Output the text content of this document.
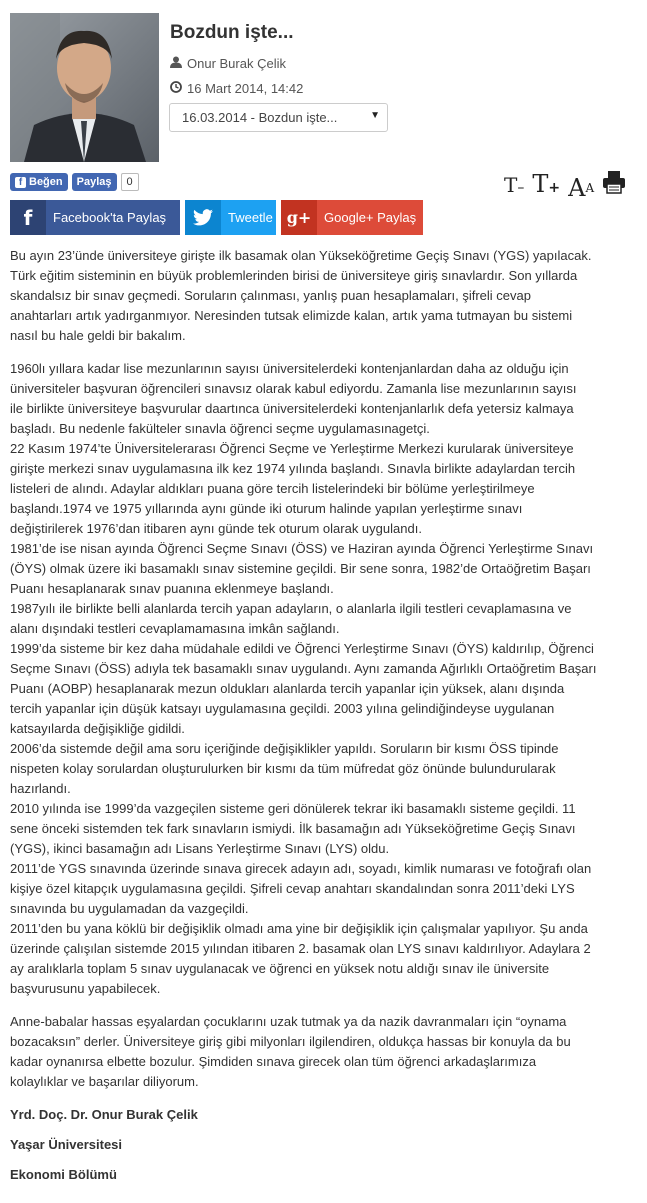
Bozdun işte...
Onur Burak Çelik
16 Mart 2014, 14:42
16.03.2014 - Bozdun işte...	▼
f Beğen Paylaş	0	T– $T+ A^A$
f	Facebook'ta Paylaş	Tweetle g+ Google+ Paylaş

Bu ayın 23’ünde üniversiteye girişte ilk basamak olan Yükseköğretime Geçiş Sınavı (YGS) yapılacak.
Türk eğitim sisteminin en büyük problemlerinden birisi de üniversiteye giriş sınavlardır. Son yıllarda
skandalsız bir sınav geçmedi. Soruların çalınması, yanlış puan hesaplamaları, şifreli cevap
anahtarları artık yadırganmıyor. Neresinden tutsak elimizde kalan, artık yama tutmayan bu sistemi
nasıl bu hale geldi bir bakalım.

1960lı yıllara kadar lise mezunlarının sayısı üniversitelerdeki kontenjanlardan daha az olduğu için
üniversiteler başvuran öğrencileri sınavsız olarak kabul ediyordu. Zamanla lise mezunlarının sayısı
ile birlikte üniversiteye başvurular daartınca üniversitelerdeki kontenjanlarlık defa yetersiz kalmaya
başladı. Bu nedenle fakülteler sınavla öğrenci seçme uygulamasınagetçi.
22 Kasım 1974’te Üniversitelerarası Öğrenci Seçme ve Yerleştirme Merkezi kurularak üniversiteye
girişte merkezi sınav uygulamasına ilk kez 1974 yılında başlandı. Sınavla birlikte adaylardan tercih
listeleri de alındı. Adaylar aldıkları puana göre tercih listelerindeki bir bölüme yerleştirilmeye
başlandı.1974 ve 1975 yıllarında aynı günde iki oturum halinde yapılan yerleştirme sınavı
değiştirilerek 1976’dan itibaren aynı günde tek oturum olarak uygulandı.
1981’de ise nisan ayında Öğrenci Seçme Sınavı (ÖSS) ve Haziran ayında Öğrenci Yerleştirme Sınavı
(ÖYS) olmak üzere iki basamaklı sınav sistemine geçildi. Bir sene sonra, 1982’de Ortaöğretim Başarı
Puanı hesaplanarak sınav puanına eklenmeye başlandı.
1987yılı ile birlikte belli alanlarda tercih yapan adayların, o alanlarla ilgili testleri cevaplamasına ve
alanı dışındaki testleri cevaplamamasına imkân sağlandı.
1999’da sisteme bir kez daha müdahale edildi ve Öğrenci Yerleştirme Sınavı (ÖYS) kaldırılıp, Öğrenci
Seçme Sınavı (ÖSS) adıyla tek basamaklı sınav uygulandı. Aynı zamanda Ağırlıklı Ortaöğretim Başarı
Puanı (AOBP) hesaplanarak mezun oldukları alanlarda tercih yapanlar için yüksek, alanı dışında
tercih yapanlar için düşük katsayı uygulamasına geçildi. 2003 yılına gelindiğindeyse uygulanan
katsayılarda değişikliğe gidildi.
2006’da sistemde değil ama soru içeriğinde değişiklikler yapıldı. Soruların bir kısmı ÖSS tipinde
nispeten kolay sorulardan oluşturulurken bir kısmı da tüm müfredat göz önünde bulundurularak
hazırlandı.
2010 yılında ise 1999’da vazgeçilen sisteme geri dönülerek tekrar iki basamaklı sisteme geçildi. 11
sene önceki sistemden tek fark sınavların ismiydi. İlk basamağın adı Yükseköğretime Geçiş Sınavı
(YGS), ikinci basamağın adı Lisans Yerleştirme Sınavı (LYS) oldu.
2011’de YGS sınavında üzerinde sınava girecek adayın adı, soyadı, kimlik numarası ve fotoğrafı olan
kişiye özel kitapçık uygulamasına geçildi. Şifreli cevap anahtarı skandalından sonra 2011’deki LYS
sınavında bu uygulamadan da vazgeçildi.
2011’den bu yana köklü bir değişiklik olmadı ama yine bir değişiklik için çalışmalar yapılıyor. Şu anda
üzerinde çalışılan sistemde 2015 yılından itibaren 2. basamak olan LYS sınavı kaldırılıyor. Adaylara 2
ay aralıklarla toplam 5 sınav uygulanacak ve öğrenci en yüksek notu aldığı sınav ile üniversite
başvurusunu yapabilecek.

Anne-babalar hassas eşyalardan çocuklarını uzak tutmak ya da nazik davranmaları için “oynama
bozacaksın” derler. Üniversiteye giriş gibi milyonları ilgilendiren, oldukça hassas bir konuyla da bu
kadar oynanırsa elbette bozulur. Şimdiden sınava girecek olan tüm öğrenci arkadaşlarımıza
kolaylıklar ve başarılar diliyorum.

Yrd. Doç. Dr. Onur Burak Çelik
Yaşar Üniversitesi
Ekonomi Bölümü
